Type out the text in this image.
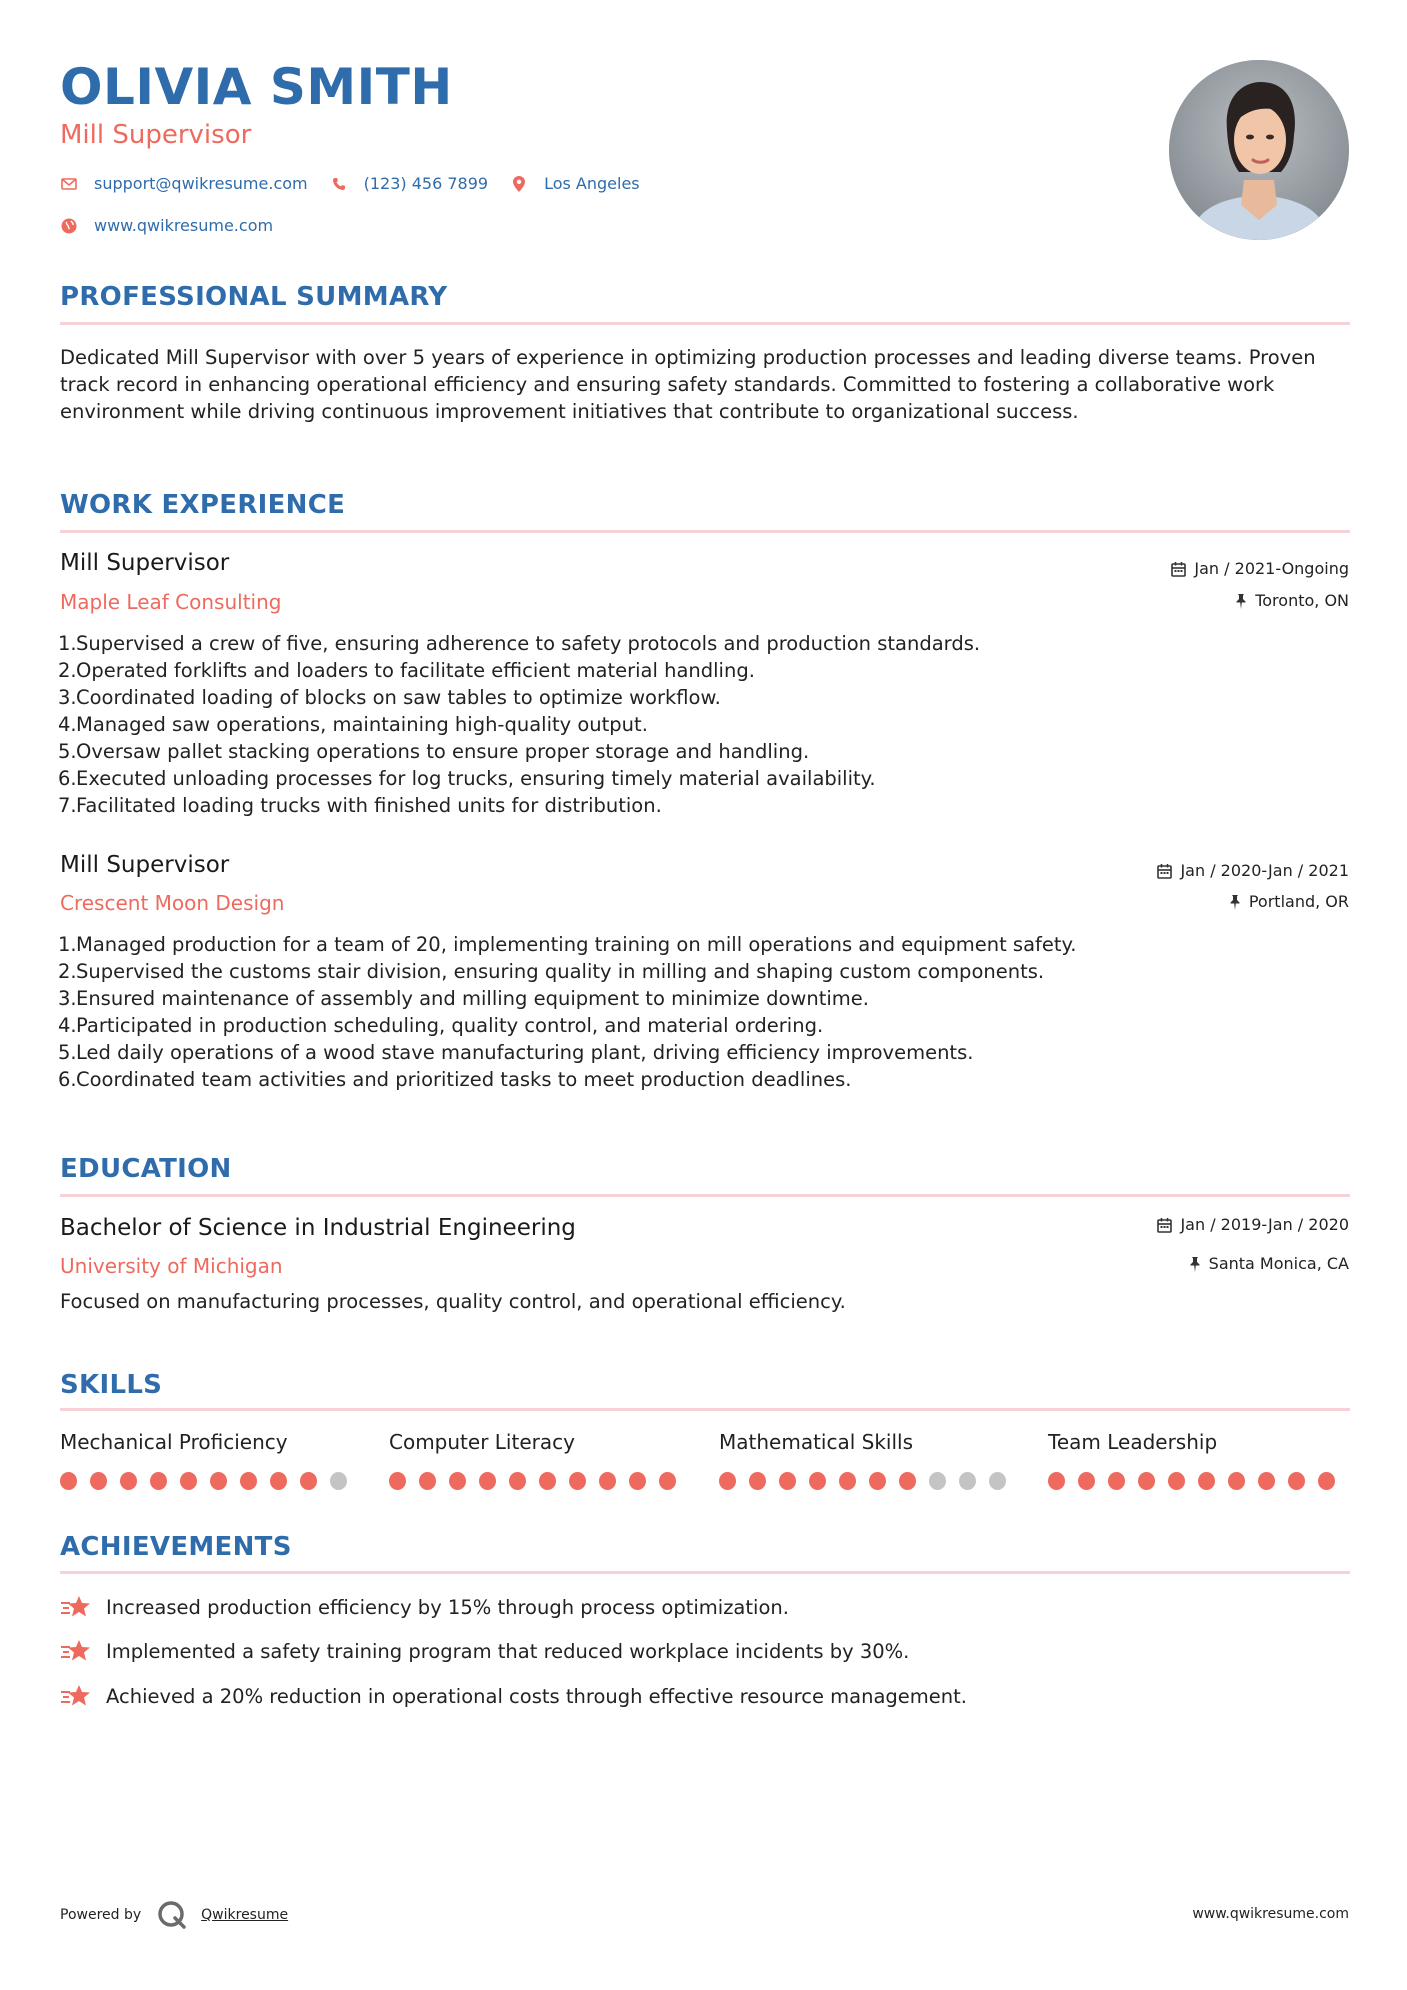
OLIVIA SMITH
Mill Supervisor
support@qwikresume.com	(123) 456 7899	Los Angeles
www.qwikresume.com
PROFESSIONAL SUMMARY
Dedicated Mill Supervisor with over 5 years of experience in optimizing production processes and leading diverse teams. Proven track record in enhancing operational efficiency and ensuring safety standards. Committed to fostering a collaborative work environment while driving continuous improvement initiatives that contribute to organizational success.
WORK EXPERIENCE
Mill Supervisor
Maple Leaf Consulting
Jan / 2021-Ongoing
Toronto, ON
1. Supervised a crew of five, ensuring adherence to safety protocols and production standards.
2. Operated forklifts and loaders to facilitate efficient material handling.
3. Coordinated loading of blocks on saw tables to optimize workflow.
4. Managed saw operations, maintaining high-quality output.
5. Oversaw pallet stacking operations to ensure proper storage and handling.
6. Executed unloading processes for log trucks, ensuring timely material availability.
7. Facilitated loading trucks with finished units for distribution.
Mill Supervisor
Crescent Moon Design
Jan / 2020-Jan / 2021
Portland, OR
1. Managed production for a team of 20, implementing training on mill operations and equipment safety.
2. Supervised the customs stair division, ensuring quality in milling and shaping custom components.
3. Ensured maintenance of assembly and milling equipment to minimize downtime.
4. Participated in production scheduling, quality control, and material ordering.
5. Led daily operations of a wood stave manufacturing plant, driving efficiency improvements.
6. Coordinated team activities and prioritized tasks to meet production deadlines.
EDUCATION
Bachelor of Science in Industrial Engineering
University of Michigan
Jan / 2019-Jan / 2020
Santa Monica, CA
Focused on manufacturing processes, quality control, and operational efficiency.
SKILLS
Mechanical Proficiency	Computer Literacy	Mathematical Skills	Team Leadership
ACHIEVEMENTS
Increased production efficiency by 15% through process optimization.
Implemented a safety training program that reduced workplace incidents by 30%.
Achieved a 20% reduction in operational costs through effective resource management.
Powered by	Qwikresume	www.qwikresume.com
